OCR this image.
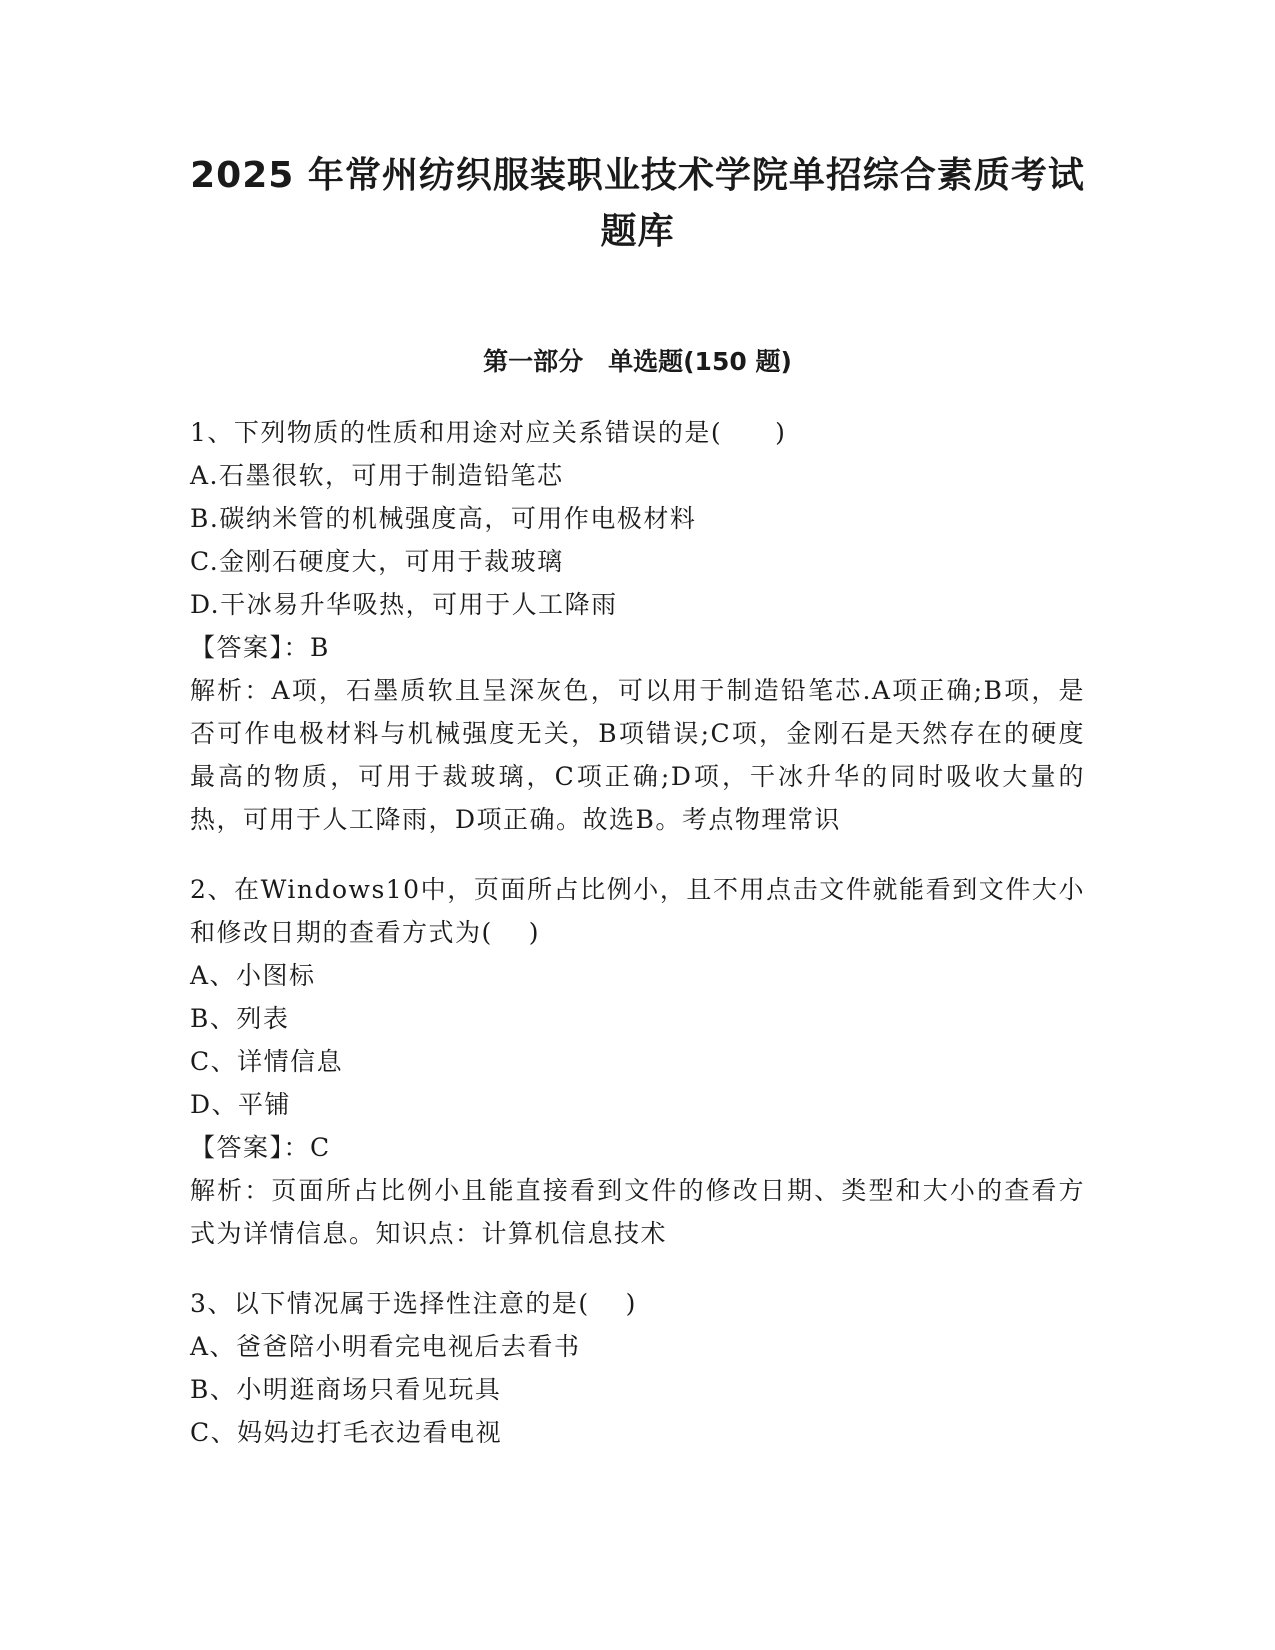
2025 年常州纺织服装职业技术学院单招综合素质考试
题库
第一部分　单选题(150 题)
1、下列物质的性质和用途对应关系错误的是(　　)
A.石墨很软，可用于制造铅笔芯
B.碳纳米管的机械强度高，可用作电极材料
C.金刚石硬度大，可用于裁玻璃
D.干冰易升华吸热，可用于人工降雨
【答案】：B
解析：A项，石墨质软且呈深灰色，可以用于制造铅笔芯.A项正确;B项，是否可作电极材料与机械强度无关，B项错误;C项，金刚石是天然存在的硬度最高的物质，可用于裁玻璃，C项正确;D项，干冰升华的同时吸收大量的热，可用于人工降雨，D项正确。故选B。考点物理常识
2、在Windows10中，页面所占比例小，且不用点击文件就能看到文件大小和修改日期的查看方式为(　 )
A、小图标
B、列表
C、详情信息
D、平铺
【答案】：C
解析：页面所占比例小且能直接看到文件的修改日期、类型和大小的查看方式为详情信息。知识点：计算机信息技术
3、以下情况属于选择性注意的是(　 )
A、爸爸陪小明看完电视后去看书
B、小明逛商场只看见玩具
C、妈妈边打毛衣边看电视
